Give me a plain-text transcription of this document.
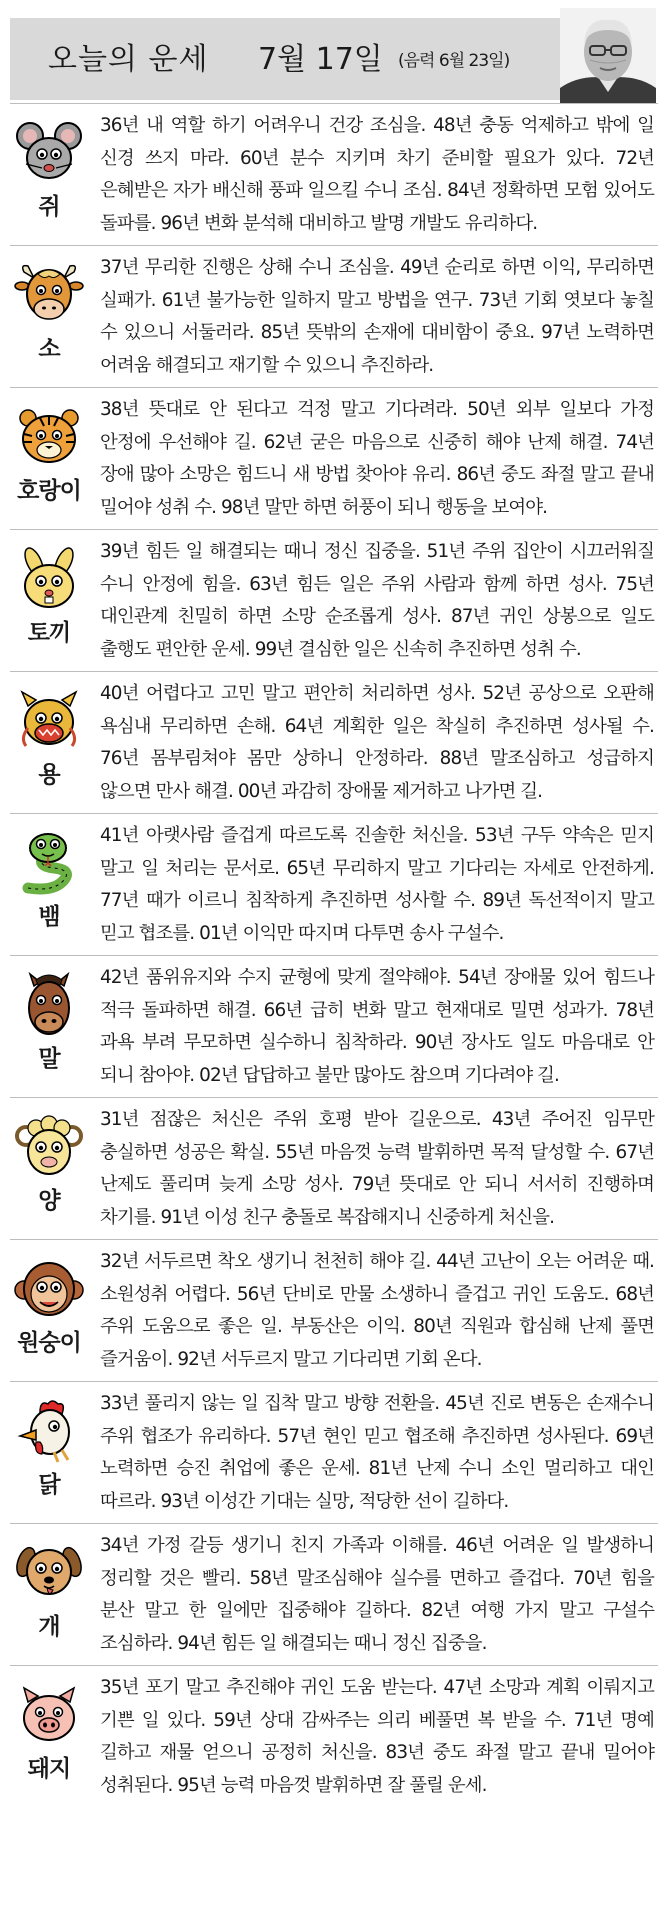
오늘의 운세 7월 17일 (음력 6월 23일)
쥐

36년 내 역할 하기 어려우니 건강 조심을. 48년 충동 억제하고 밖에 일 신경 쓰지 마라. 60년 분수 지키며 차기 준비할 필요가 있다. 72년 은혜받은 자가 배신해 풍파 일으킬 수니 조심. 84년 정확하면 모험 있어도 돌파를. 96년 변화 분석해 대비하고 발명 개발도 유리하다.

소

37년 무리한 진행은 상해 수니 조심을. 49년 순리로 하면 이익, 무리하면 실패가. 61년 불가능한 일하지 말고 방법을 연구. 73년 기회 엿보다 놓칠 수 있으니 서둘러라. 85년 뜻밖의 손재에 대비함이 중요. 97년 노력하면 어려움 해결되고 재기할 수 있으니 추진하라.

호랑이

38년 뜻대로 안 된다고 걱정 말고 기다려라. 50년 외부 일보다 가정 안정에 우선해야 길. 62년 굳은 마음으로 신중히 해야 난제 해결. 74년 장애 많아 소망은 힘드니 새 방법 찾아야 유리. 86년 중도 좌절 말고 끝내 밀어야 성취 수. 98년 말만 하면 허풍이 되니 행동을 보여야.

토끼

39년 힘든 일 해결되는 때니 정신 집중을. 51년 주위 집안이 시끄러워질 수니 안정에 힘을. 63년 힘든 일은 주위 사람과 함께 하면 성사. 75년 대인관계 친밀히 하면 소망 순조롭게 성사. 87년 귀인 상봉으로 일도 출행도 편안한 운세. 99년 결심한 일은 신속히 추진하면 성취 수.

용

40년 어렵다고 고민 말고 편안히 처리하면 성사. 52년 공상으로 오판해 욕심내 무리하면 손해. 64년 계획한 일은 착실히 추진하면 성사될 수. 76년 몸부림쳐야 몸만 상하니 안정하라. 88년 말조심하고 성급하지 않으면 만사 해결. 00년 과감히 장애물 제거하고 나가면 길.

뱀

41년 아랫사람 즐겁게 따르도록 진솔한 처신을. 53년 구두 약속은 믿지 말고 일 처리는 문서로. 65년 무리하지 말고 기다리는 자세로 안전하게. 77년 때가 이르니 침착하게 추진하면 성사할 수. 89년 독선적이지 말고 믿고 협조를. 01년 이익만 따지며 다투면 송사 구설수.

말

42년 품위유지와 수지 균형에 맞게 절약해야. 54년 장애물 있어 힘드나 적극 돌파하면 해결. 66년 급히 변화 말고 현재대로 밀면 성과가. 78년 과욕 부려 무모하면 실수하니 침착하라. 90년 장사도 일도 마음대로 안 되니 참아야. 02년 답답하고 불만 많아도 참으며 기다려야 길.

양

31년 점잖은 처신은 주위 호평 받아 길운으로. 43년 주어진 임무만 충실하면 성공은 확실. 55년 마음껏 능력 발휘하면 목적 달성할 수. 67년 난제도 풀리며 늦게 소망 성사. 79년 뜻대로 안 되니 서서히 진행하며 차기를. 91년 이성 친구 충돌로 복잡해지니 신중하게 처신을.

원숭이

32년 서두르면 착오 생기니 천천히 해야 길. 44년 고난이 오는 어려운 때.소원성취 어렵다. 56년 단비로 만물 소생하니 즐겁고 귀인 도움도. 68년 주위 도움으로 좋은 일. 부동산은 이익. 80년 직원과 합심해 난제 풀면 즐거움이. 92년 서두르지 말고 기다리면 기회 온다.

닭

33년 풀리지 않는 일 집착 말고 방향 전환을. 45년 진로 변동은 손재수니 주위 협조가 유리하다. 57년 현인 믿고 협조해 추진하면 성사된다. 69년 노력하면 승진 취업에 좋은 운세. 81년 난제 수니 소인 멀리하고 대인 따르라. 93년 이성간 기대는 실망, 적당한 선이 길하다.

개

34년 가정 갈등 생기니 친지 가족과 이해를. 46년 어려운 일 발생하니 정리할 것은 빨리. 58년 말조심해야 실수를 면하고 즐겁다. 70년 힘을 분산 말고 한 일에만 집중해야 길하다. 82년 여행 가지 말고 구설수 조심하라. 94년 힘든 일 해결되는 때니 정신 집중을.

돼지

35년 포기 말고 추진해야 귀인 도움 받는다. 47년 소망과 계획 이뤄지고 기쁜 일 있다. 59년 상대 감싸주는 의리 베풀면 복 받을 수. 71년 명예 길하고 재물 얻으니 공정히 처신을. 83년 중도 좌절 말고 끝내 밀어야 성취된다. 95년 능력 마음껏 발휘하면 잘 풀릴 운세.
